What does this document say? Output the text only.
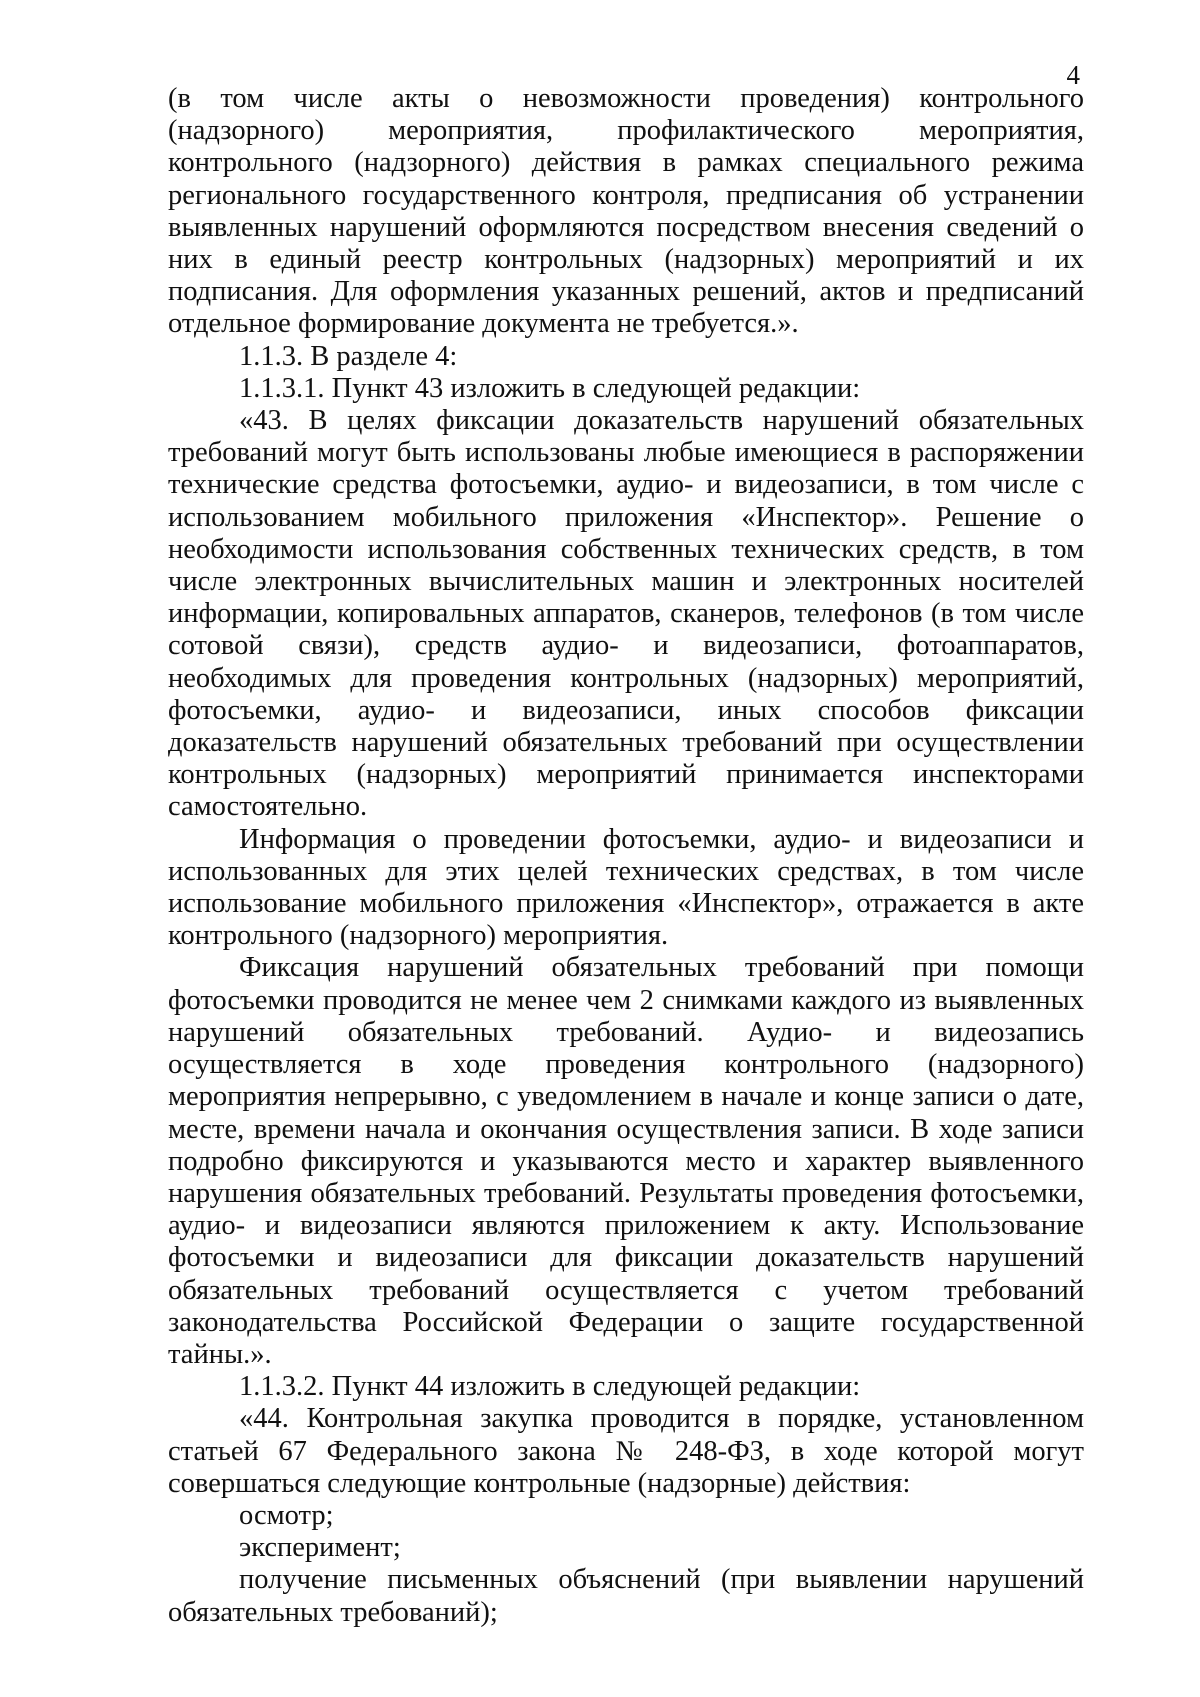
4

(в том числе акты о невозможности проведения) контрольного (надзорного) мероприятия, профилактического мероприятия, контрольного (надзорного) действия в рамках специального режима регионального государственного контроля, предписания об устранении выявленных нарушений оформляются посредством внесения сведений о них в единый реестр контрольных (надзорных) мероприятий и их подписания. Для оформления указанных решений, актов и предписаний отдельное формирование документа не требуется.».

1.1.3. В разделе 4:

1.1.3.1. Пункт 43 изложить в следующей редакции:

«43. В целях фиксации доказательств нарушений обязательных требований могут быть использованы любые имеющиеся в распоряжении технические средства фотосъемки, аудио- и видеозаписи, в том числе с использованием мобильного приложения «Инспектор». Решение о необходимости использования собственных технических средств, в том числе электронных вычислительных машин и электронных носителей информации, копировальных аппаратов, сканеров, телефонов (в том числе сотовой связи), средств аудио- и видеозаписи, фотоаппаратов, необходимых для проведения контрольных (надзорных) мероприятий, фотосъемки, аудио- и видеозаписи, иных способов фиксации доказательств нарушений обязательных требований при осуществлении контрольных (надзорных) мероприятий принимается инспекторами самостоятельно.

Информация о проведении фотосъемки, аудио- и видеозаписи и использованных для этих целей технических средствах, в том числе использование мобильного приложения «Инспектор», отражается в акте контрольного (надзорного) мероприятия.

Фиксация нарушений обязательных требований при помощи фотосъемки проводится не менее чем 2 снимками каждого из выявленных нарушений обязательных требований. Аудио- и видеозапись осуществляется в ходе проведения контрольного (надзорного) мероприятия непрерывно, с уведомлением в начале и конце записи о дате, месте, времени начала и окончания осуществления записи. В ходе записи подробно фиксируются и указываются место и характер выявленного нарушения обязательных требований. Результаты проведения фотосъемки, аудио- и видеозаписи являются приложением к акту. Использование фотосъемки и видеозаписи для фиксации доказательств нарушений обязательных требований осуществляется с учетом требований законодательства Российской Федерации о защите государственной тайны.».

1.1.3.2. Пункт 44 изложить в следующей редакции:

«44. Контрольная закупка проводится в порядке, установленном статьей 67 Федерального закона № 248-ФЗ, в ходе которой могут совершаться следующие контрольные (надзорные) действия:

осмотр;

эксперимент;

получение письменных объяснений (при выявлении нарушений обязательных требований);
